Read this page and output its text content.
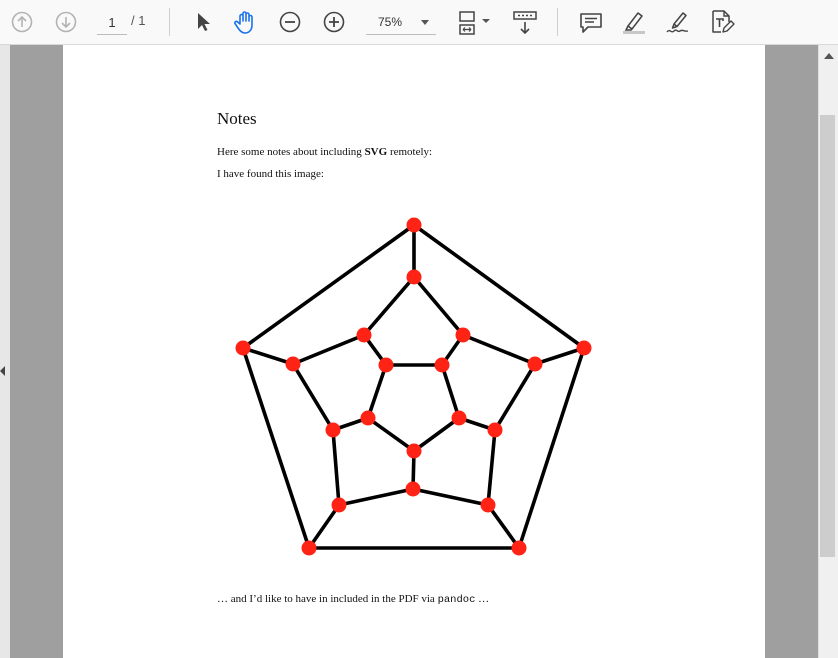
1	/ 1	75%
Notes
Here some notes about including SVG remotely:
I have found this image:
… and I’d like to have in included in the PDF via pandoc …
